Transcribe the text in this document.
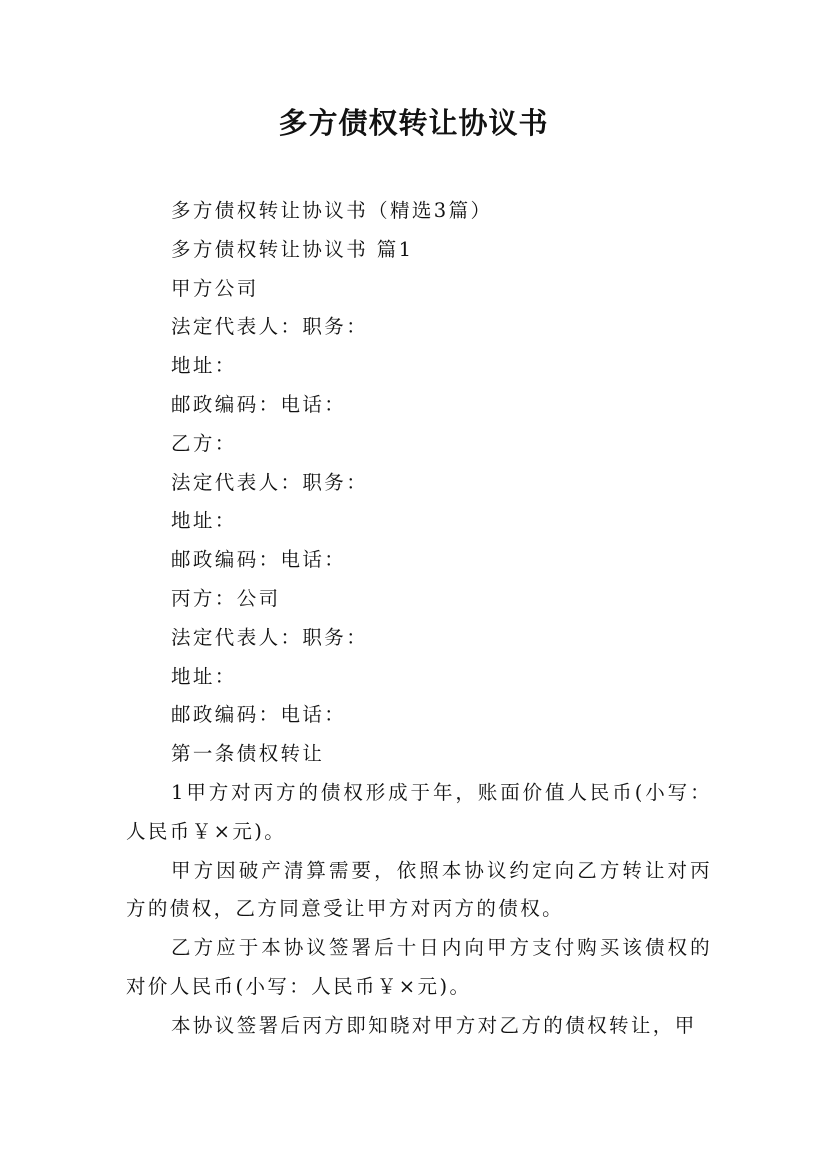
多方债权转让协议书

多方债权转让协议书（精选3篇）

多方债权转让协议书 篇1

甲方公司

法定代表人：职务：

地址：

邮政编码：电话：

乙方：

法定代表人：职务：

地址：

邮政编码：电话：

丙方：公司

法定代表人：职务：

地址：

邮政编码：电话：

第一条债权转让

1甲方对丙方的债权形成于年，账面价值人民币(小写：人民币￥×元)。

甲方因破产清算需要，依照本协议约定向乙方转让对丙方的债权，乙方同意受让甲方对丙方的债权。

乙方应于本协议签署后十日内向甲方支付购买该债权的对价人民币(小写：人民币￥×元)。

本协议签署后丙方即知晓对甲方对乙方的债权转让，甲
